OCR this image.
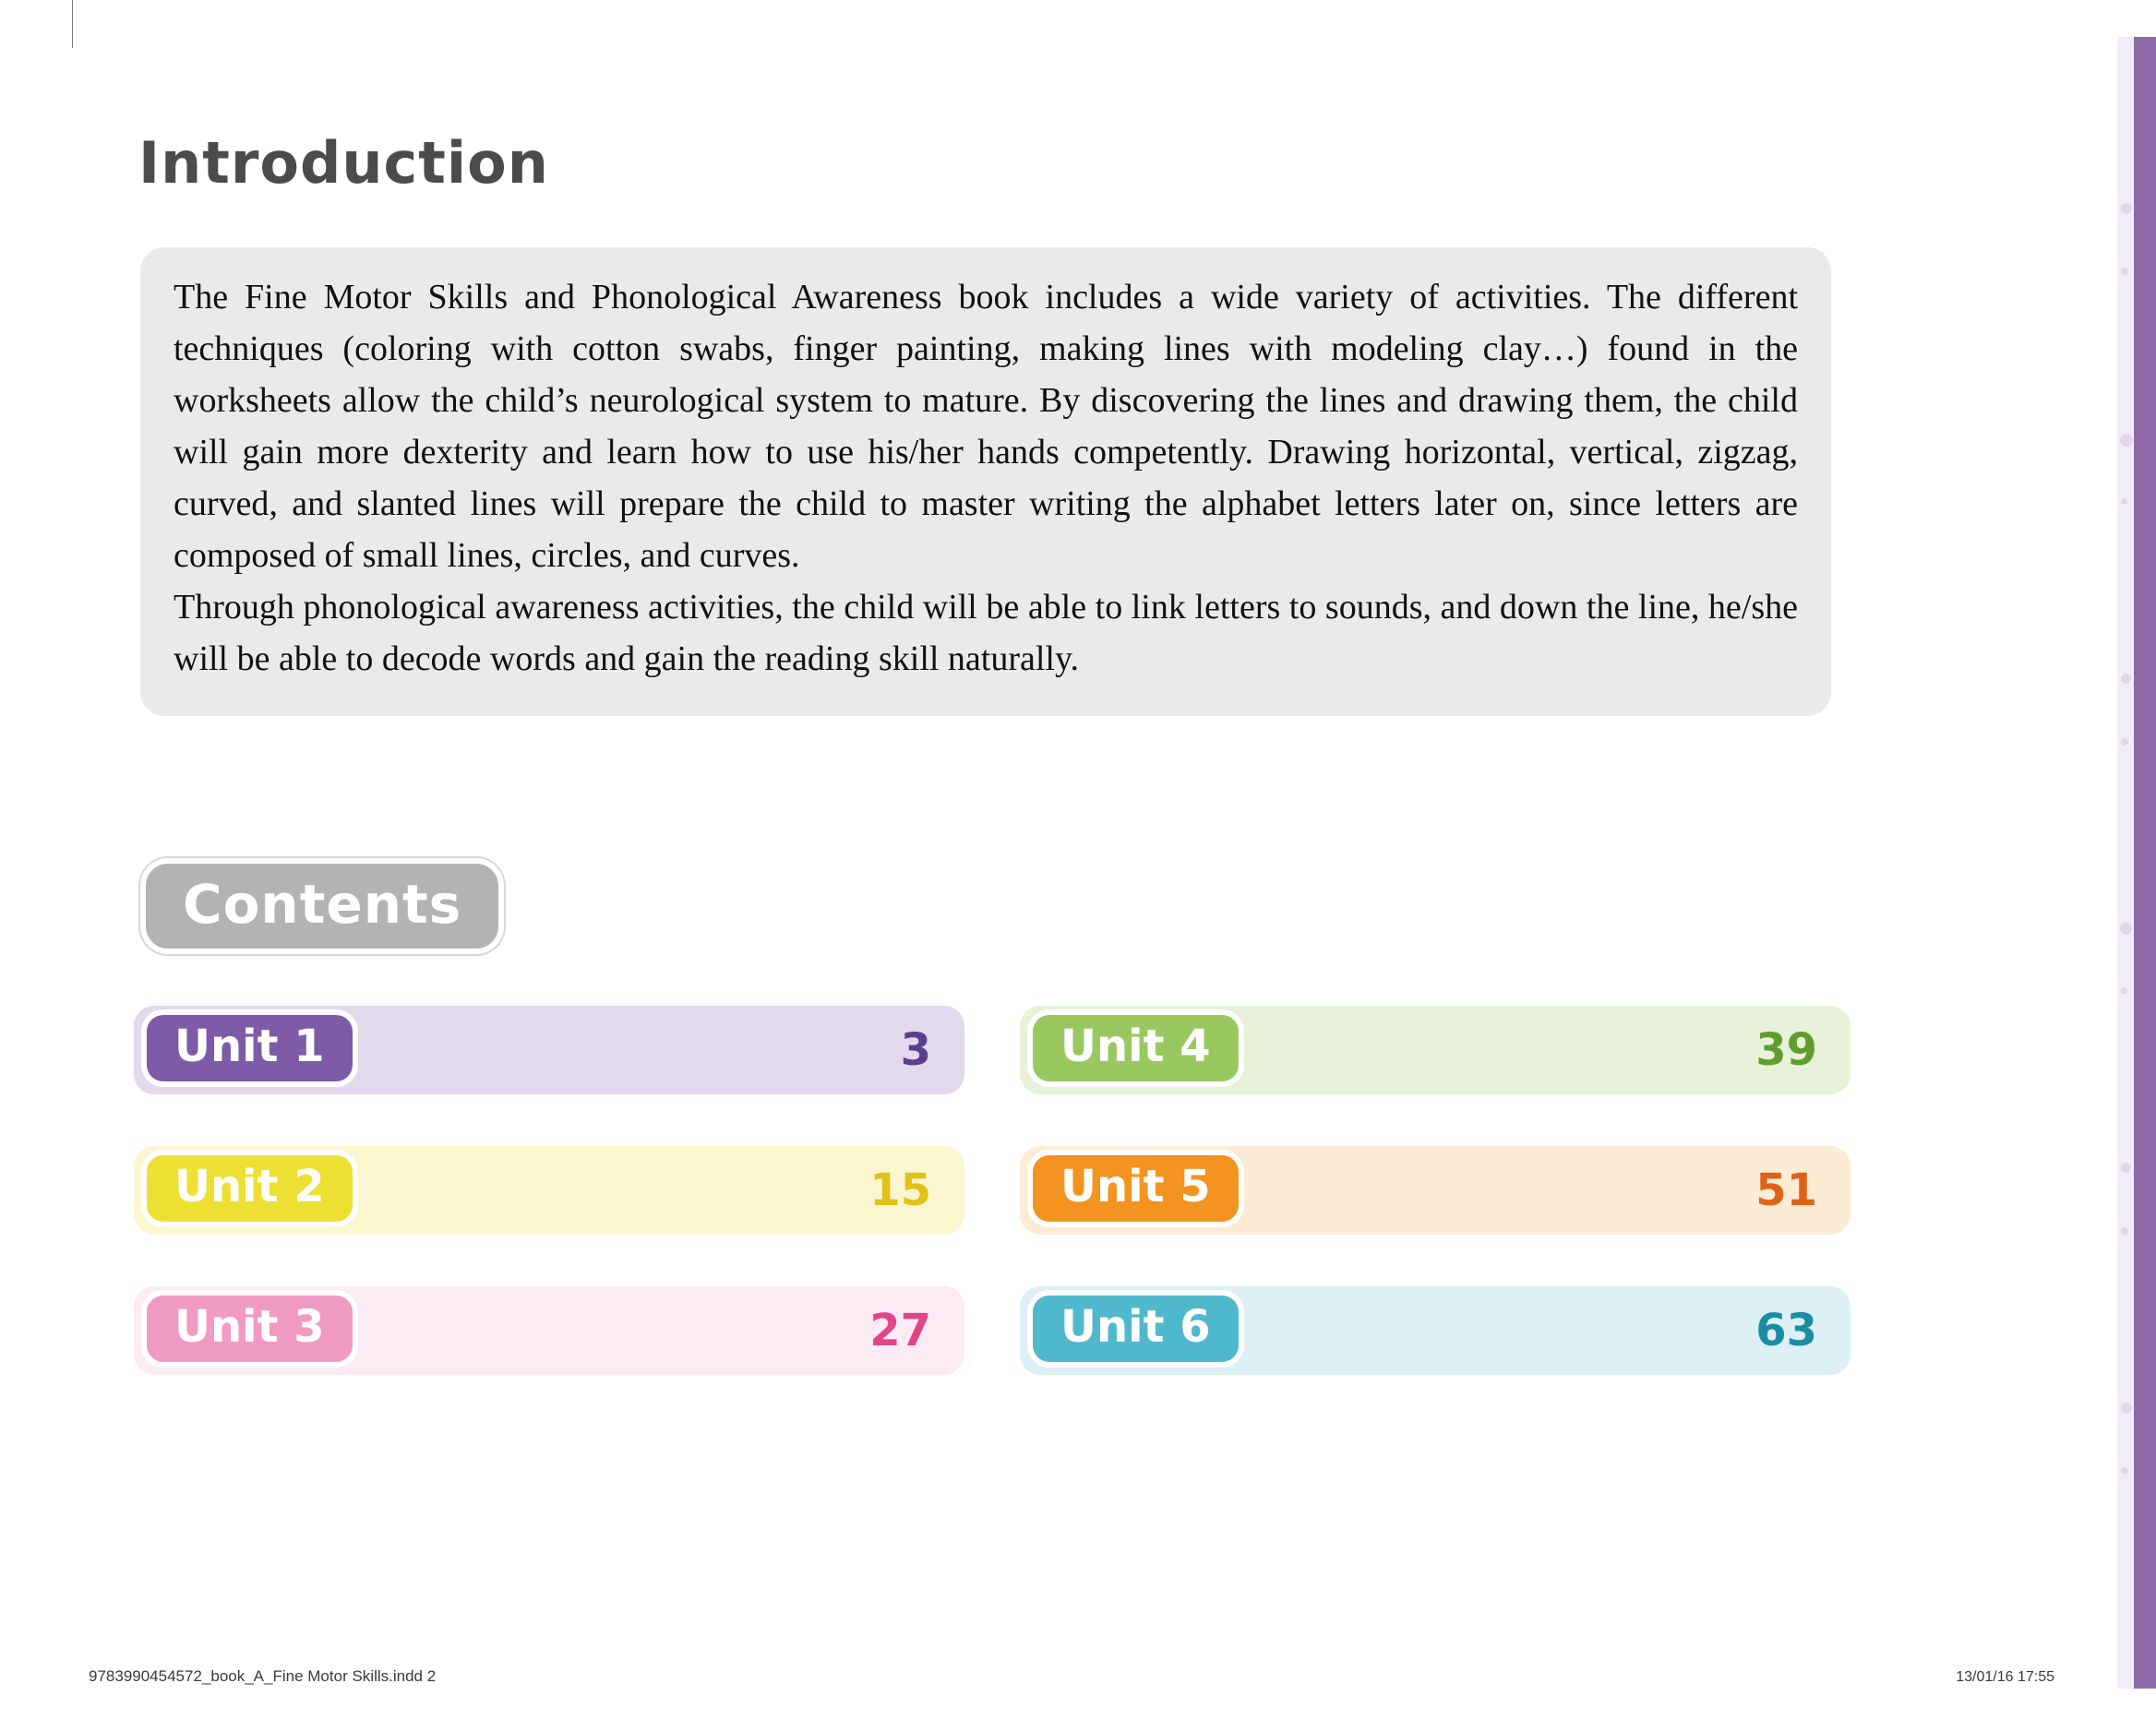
Introduction

The Fine Motor Skills and Phonological Awareness book includes a wide variety of activities. The different techniques (coloring with cotton swabs, finger painting, making lines with modeling clay…) found in the worksheets allow the child’s neurological system to mature. By discovering the lines and drawing them, the child will gain more dexterity and learn how to use his/her hands competently. Drawing horizontal, vertical, zigzag, curved, and slanted lines will prepare the child to master writing the alphabet letters later on, since letters are composed of small lines, circles, and curves.

Through phonological awareness activities, the child will be able to link letters to sounds, and down the line, he/she will be able to decode words and gain the reading skill naturally.

Contents
Unit 1	3
Unit 2	15
Unit 3	27
Unit 4	39
Unit 5	51
Unit 6	63
9783990454572_book_A_Fine Motor Skills.indd 2	13/01/16 17:55
